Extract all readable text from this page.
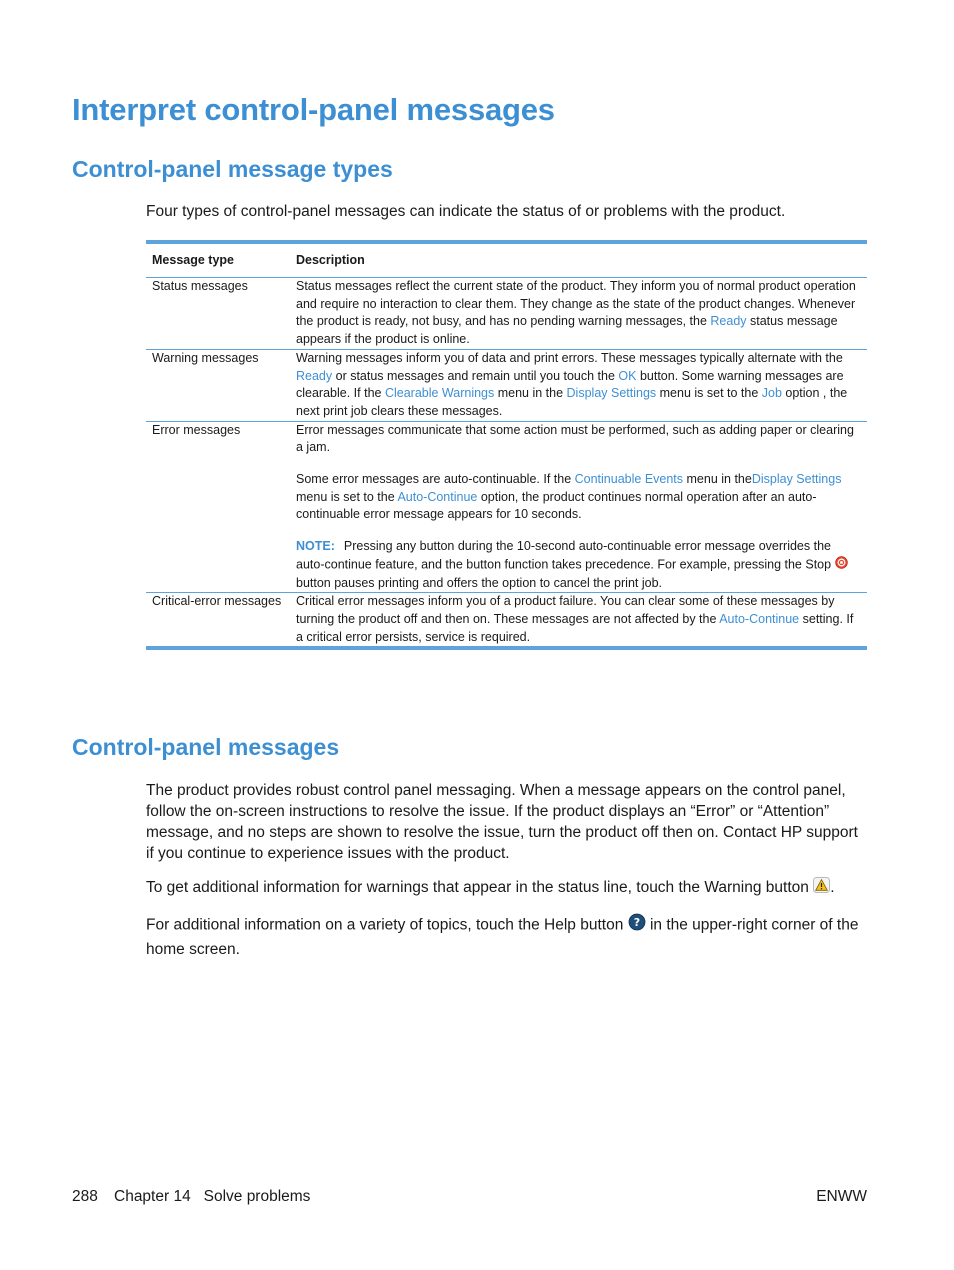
Interpret control-panel messages
Control-panel message types

Four types of control-panel messages can indicate the status of or problems with the product.

Message type	Description
Status messages	Status messages reflect the current state of the product. They inform you of normal product operation and require no interaction to clear them. They change as the state of the product changes. Whenever the product is ready, not busy, and has no pending warning messages, the Ready status message appears if the product is online.

Warning messages	Warning messages inform you of data and print errors. These messages typically alternate with the Ready or status messages and remain until you touch the OK button. Some warning messages are clearable. If the Clearable Warnings menu in the Display Settings menu is set to the Job option , the next print job clears these messages.

Error messages	Error messages communicate that some action must be performed, such as adding paper or clearing a jam.

Some error messages are auto-continuable. If the Continuable Events menu in theDisplay Settings menu is set to the Auto-Continue option, the product continues normal operation after an auto-continuable error message appears for 10 seconds.

NOTE: Pressing any button during the 10-second auto-continuable error message overrides the auto-continue feature, and the button function takes precedence. For example, pressing the Stop  button pauses printing and offers the option to cancel the print job.

Critical-error messages	Critical error messages inform you of a product failure. You can clear some of these messages by turning the product off and then on. These messages are not affected by the Auto-Continue setting. If a critical error persists, service is required.

Control-panel messages

The product provides robust control panel messaging. When a message appears on the control panel, follow the on-screen instructions to resolve the issue. If the product displays an “Error” or “Attention” message, and no steps are shown to resolve the issue, turn the product off then on. Contact HP support if you continue to experience issues with the product.

To get additional information for warnings that appear in the status line, touch the Warning button .

For additional information on a variety of topics, touch the Help button ? in the upper-right corner of the home screen.

288 Chapter 14   Solve problems	ENWW
